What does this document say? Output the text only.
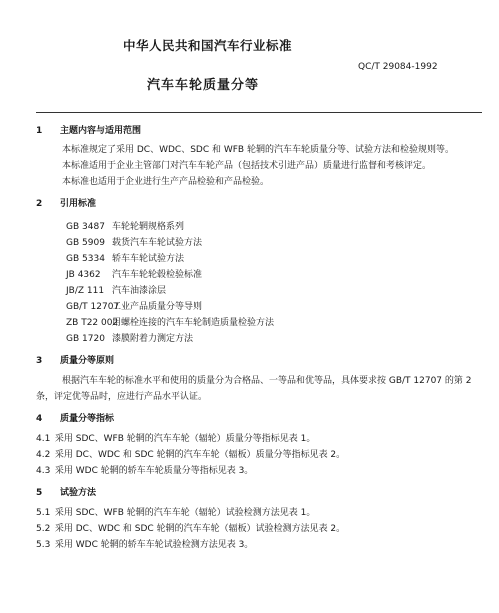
中华人民共和国汽车行业标准
QC/T 29084-1992
汽车车轮质量分等
1 主题内容与适用范围
本标准规定了采用 DC、WDC、SDC 和 WFB 轮辋的汽车车轮质量分等、试验方法和检验规则等。
本标准适用于企业主管部门对汽车车轮产品（包括技术引进产品）质量进行监督和考核评定。
本标准也适用于企业进行生产产品检验和产品检验。
2 引用标准
GB 3487 车轮轮辋规格系列
GB 5909 载货汽车车轮试验方法
GB 5334 轿车车轮试验方法
JB 4362 汽车车轮轮毂检验标准
JB/Z 111 汽车油漆涂层
GB/T 12707工业产品质量分等导则
ZB T22 002用螺栓连接的汽车车轮制造质量检验方法
GB 1720 漆膜附着力测定方法
3 质量分等原则
根据汽车车轮的标准水平和使用的质量分为合格品、一等品和优等品，具体要求按 GB/T 12707 的第 2
条，评定优等品时，应进行产品水平认证。
4 质量分等指标
4.1 采用 SDC、WFB 轮辋的汽车车轮（辐轮）质量分等指标见表 1。
4.2 采用 DC、WDC 和 SDC 轮辋的汽车车轮（辐板）质量分等指标见表 2。
4.3 采用 WDC 轮辋的轿车车轮质量分等指标见表 3。
5 试验方法
5.1 采用 SDC、WFB 轮辋的汽车车轮（辐轮）试验检测方法见表 1。
5.2 采用 DC、WDC 和 SDC 轮辋的汽车车轮（辐板）试验检测方法见表 2。
5.3 采用 WDC 轮辋的轿车车轮试验检测方法见表 3。
